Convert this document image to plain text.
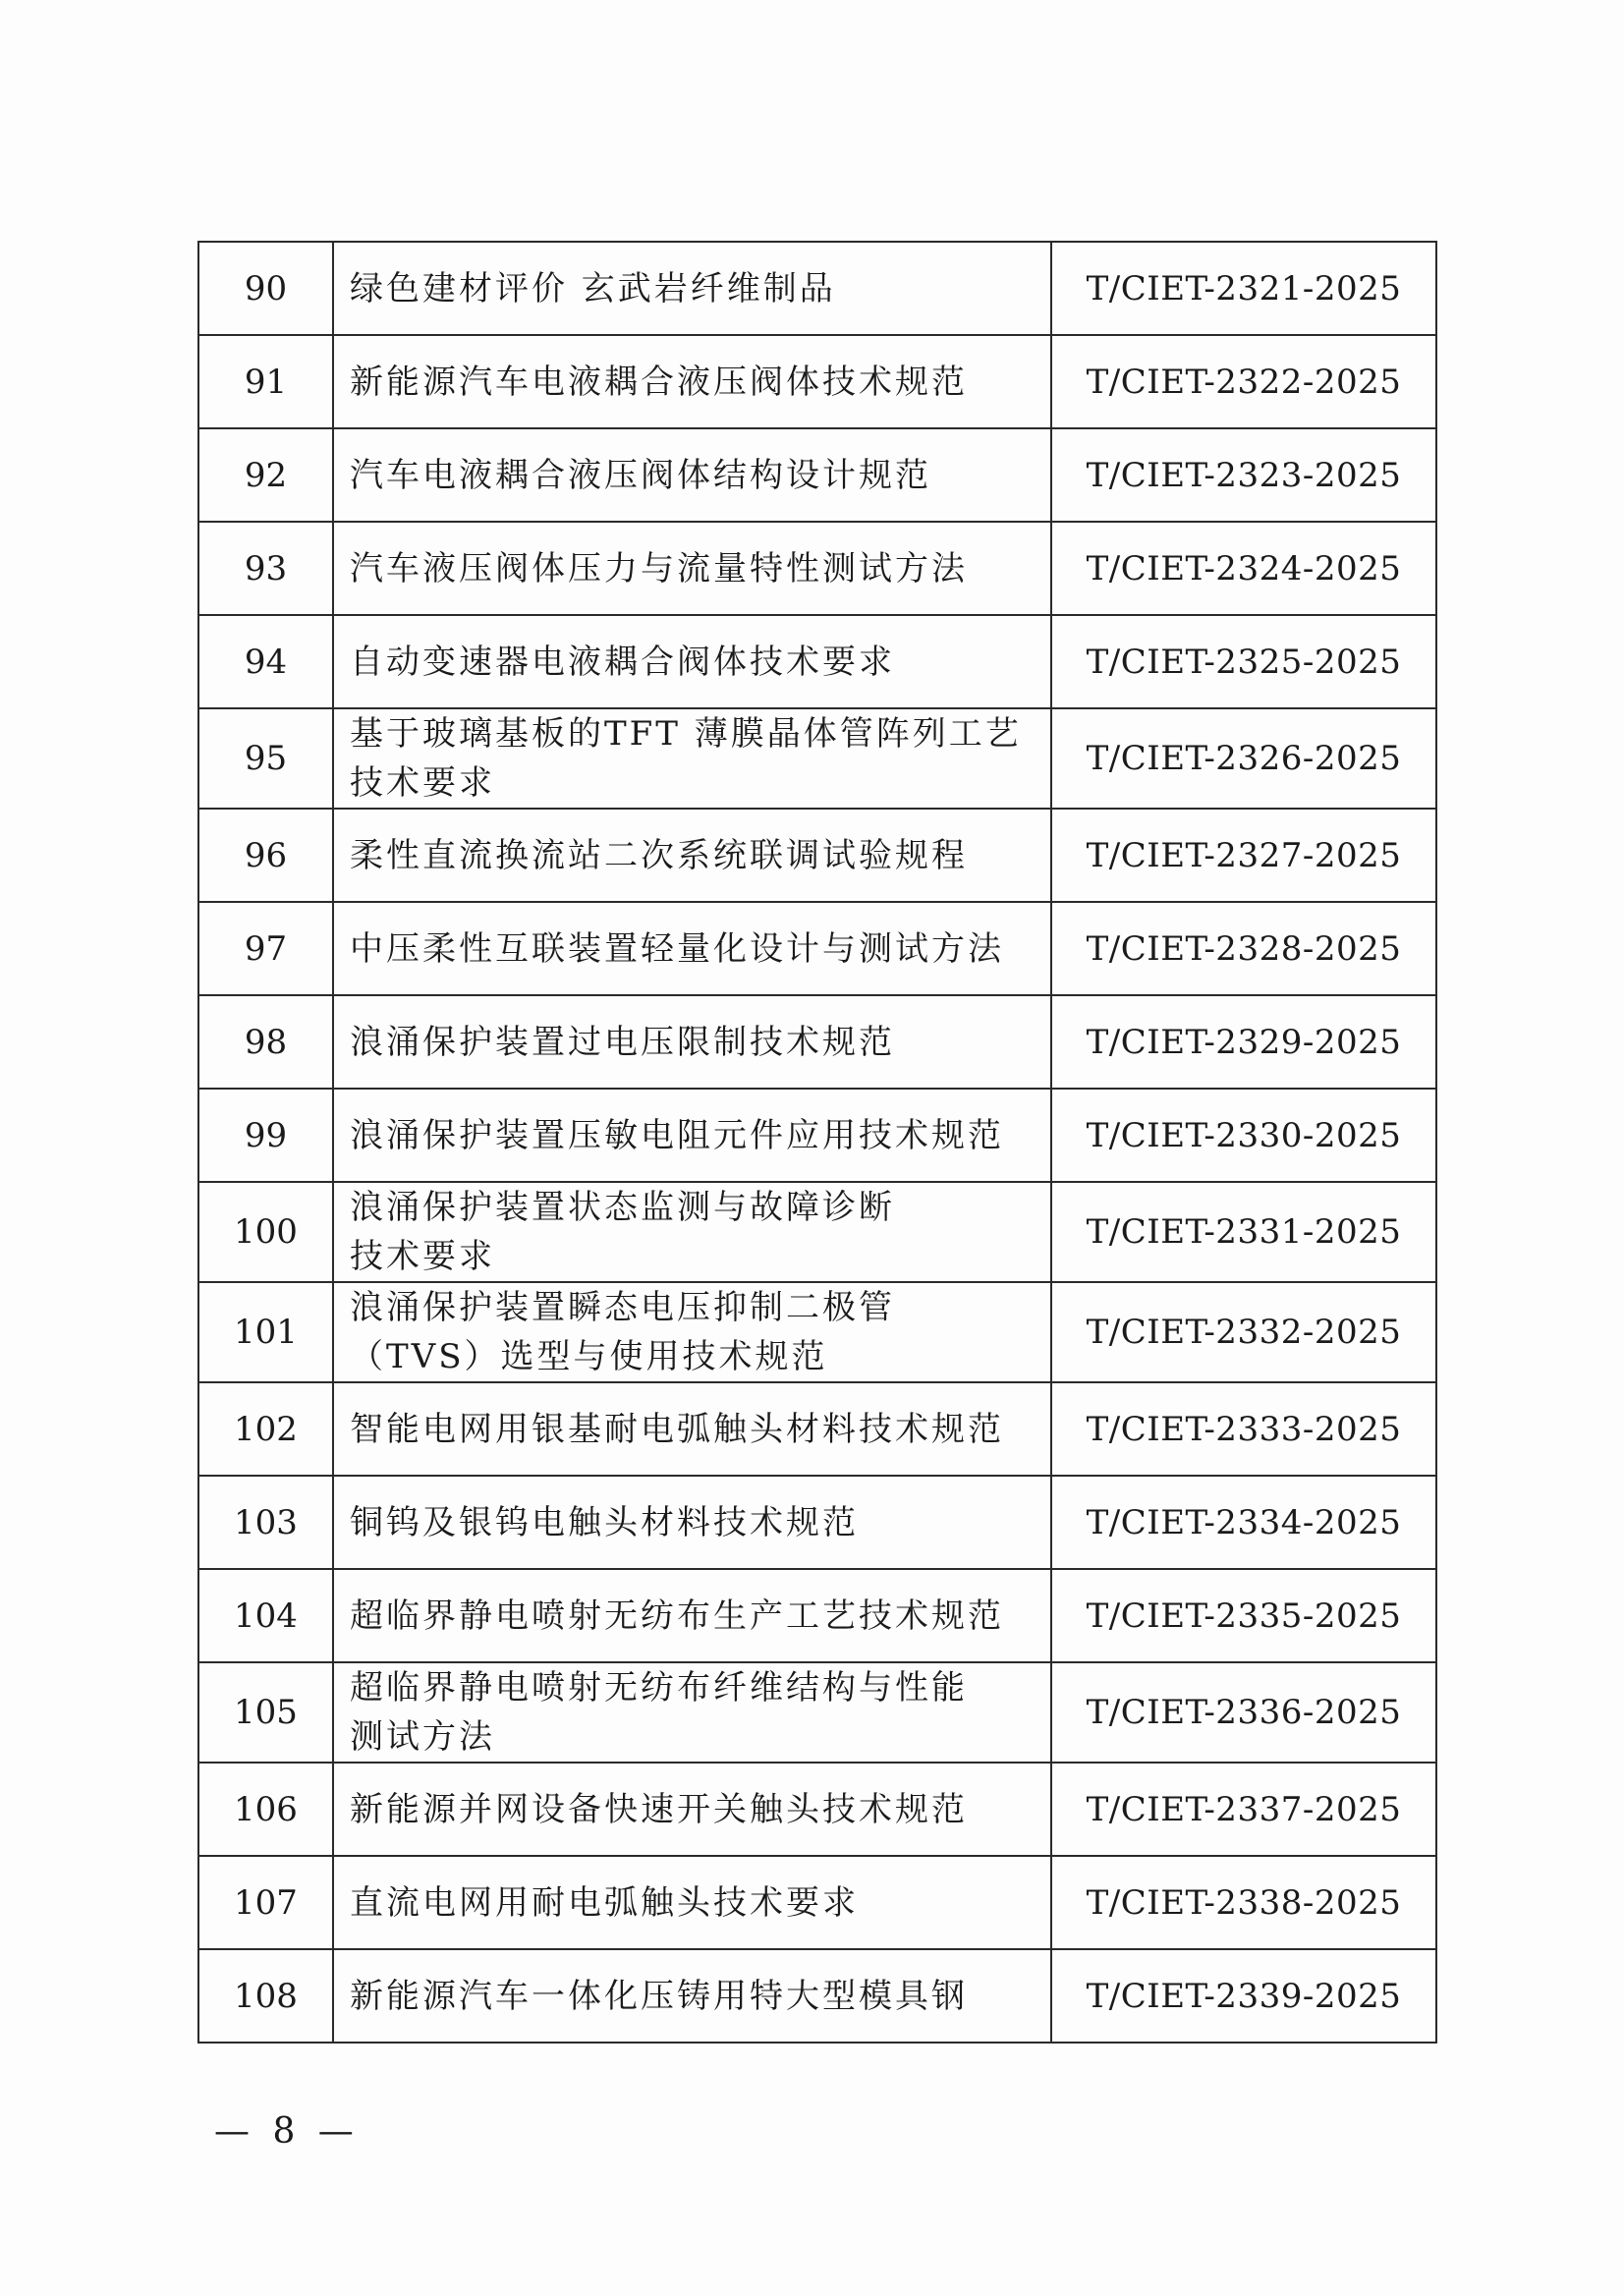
90	绿色建材评价 玄武岩纤维制品	T/CIET-2321-2025
91	新能源汽车电液耦合液压阀体技术规范	T/CIET-2322-2025
92	汽车电液耦合液压阀体结构设计规范	T/CIET-2323-2025
93	汽车液压阀体压力与流量特性测试方法	T/CIET-2324-2025
94	自动变速器电液耦合阀体技术要求	T/CIET-2325-2025
95	基于玻璃基板的TFT 薄膜晶体管阵列工艺
技术要求	T/CIET-2326-2025
96	柔性直流换流站二次系统联调试验规程	T/CIET-2327-2025
97	中压柔性互联装置轻量化设计与测试方法	T/CIET-2328-2025
98	浪涌保护装置过电压限制技术规范	T/CIET-2329-2025
99	浪涌保护装置压敏电阻元件应用技术规范	T/CIET-2330-2025
100	浪涌保护装置状态监测与故障诊断
技术要求	T/CIET-2331-2025
101	浪涌保护装置瞬态电压抑制二极管
（TVS）选型与使用技术规范	T/CIET-2332-2025
102	智能电网用银基耐电弧触头材料技术规范	T/CIET-2333-2025
103	铜钨及银钨电触头材料技术规范	T/CIET-2334-2025
104	超临界静电喷射无纺布生产工艺技术规范	T/CIET-2335-2025
105	超临界静电喷射无纺布纤维结构与性能
测试方法	T/CIET-2336-2025
106	新能源并网设备快速开关触头技术规范	T/CIET-2337-2025
107	直流电网用耐电弧触头技术要求	T/CIET-2338-2025
108	新能源汽车一体化压铸用特大型模具钢	T/CIET-2339-2025
— 8 —
